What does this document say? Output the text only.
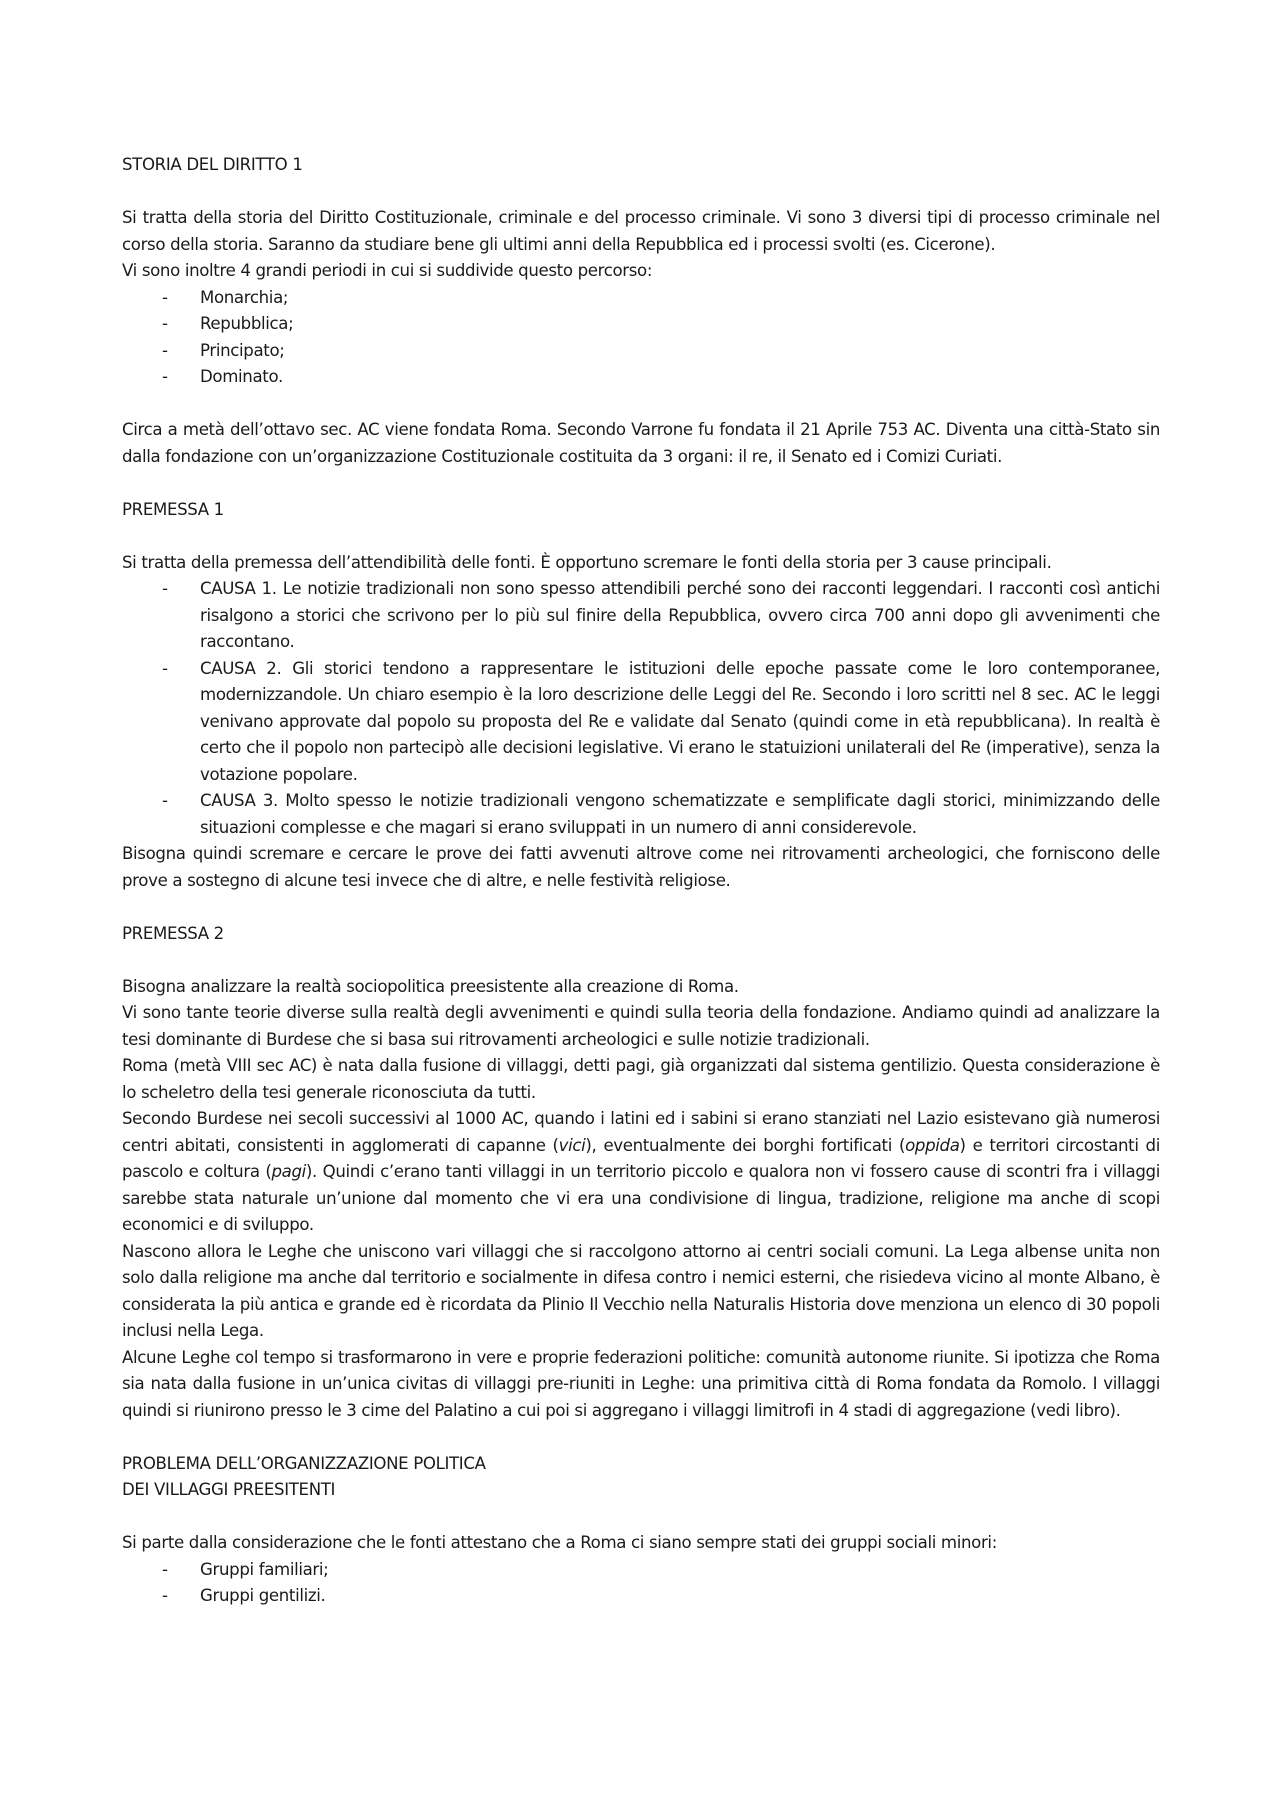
STORIA DEL DIRITTO 1

Si tratta della storia del Diritto Costituzionale, criminale e del processo criminale. Vi sono 3 diversi tipi di processo criminale nel corso della storia. Saranno da studiare bene gli ultimi anni della Repubblica ed i processi svolti (es. Cicerone).

Vi sono inoltre 4 grandi periodi in cui si suddivide questo percorso:

- Monarchia;
- Repubblica;
- Principato;
- Dominato.

Circa a metà dell’ottavo sec. AC viene fondata Roma. Secondo Varrone fu fondata il 21 Aprile 753 AC. Diventa una città-Stato sin dalla fondazione con un’organizzazione Costituzionale costituita da 3 organi: il re, il Senato ed i Comizi Curiati.

PREMESSA 1

Si tratta della premessa dell’attendibilità delle fonti. È opportuno scremare le fonti della storia per 3 cause principali.

- CAUSA 1. Le notizie tradizionali non sono spesso attendibili perché sono dei racconti leggendari. I racconti così antichi risalgono a storici che scrivono per lo più sul finire della Repubblica, ovvero circa 700 anni dopo gli avvenimenti che raccontano.
- CAUSA 2. Gli storici tendono a rappresentare le istituzioni delle epoche passate come le loro contemporanee, modernizzandole. Un chiaro esempio è la loro descrizione delle Leggi del Re. Secondo i loro scritti nel 8 sec. AC le leggi venivano approvate dal popolo su proposta del Re e validate dal Senato (quindi come in età repubblicana). In realtà è certo che il popolo non partecipò alle decisioni legislative. Vi erano le statuizioni unilaterali del Re (imperative), senza la votazione popolare.
- CAUSA 3. Molto spesso le notizie tradizionali vengono schematizzate e semplificate dagli storici, minimizzando delle situazioni complesse e che magari si erano sviluppati in un numero di anni considerevole.

Bisogna quindi scremare e cercare le prove dei fatti avvenuti altrove come nei ritrovamenti archeologici, che forniscono delle prove a sostegno di alcune tesi invece che di altre, e nelle festività religiose.

PREMESSA 2

Bisogna analizzare la realtà sociopolitica preesistente alla creazione di Roma.

Vi sono tante teorie diverse sulla realtà degli avvenimenti e quindi sulla teoria della fondazione. Andiamo quindi ad analizzare la tesi dominante di Burdese che si basa sui ritrovamenti archeologici e sulle notizie tradizionali.

Roma (metà VIII sec AC) è nata dalla fusione di villaggi, detti pagi, già organizzati dal sistema gentilizio. Questa considerazione è lo scheletro della tesi generale riconosciuta da tutti.

Secondo Burdese nei secoli successivi al 1000 AC, quando i latini ed i sabini si erano stanziati nel Lazio esistevano già numerosi centri abitati, consistenti in agglomerati di capanne (vici), eventualmente dei borghi fortificati (oppida) e territori circostanti di pascolo e coltura (pagi). Quindi c’erano tanti villaggi in un territorio piccolo e qualora non vi fossero cause di scontri fra i villaggi sarebbe stata naturale un’unione dal momento che vi era una condivisione di lingua, tradizione, religione ma anche di scopi economici e di sviluppo.

Nascono allora le Leghe che uniscono vari villaggi che si raccolgono attorno ai centri sociali comuni. La Lega albense unita non solo dalla religione ma anche dal territorio e socialmente in difesa contro i nemici esterni, che risiedeva vicino al monte Albano, è considerata la più antica e grande ed è ricordata da Plinio Il Vecchio nella Naturalis Historia dove menziona un elenco di 30 popoli inclusi nella Lega.

Alcune Leghe col tempo si trasformarono in vere e proprie federazioni politiche: comunità autonome riunite. Si ipotizza che Roma sia nata dalla fusione in un’unica civitas di villaggi pre-riuniti in Leghe: una primitiva città di Roma fondata da Romolo. I villaggi quindi si riunirono presso le 3 cime del Palatino a cui poi si aggregano i villaggi limitrofi in 4 stadi di aggregazione (vedi libro).

PROBLEMA DELL’ORGANIZZAZIONE POLITICA

DEI VILLAGGI PREESITENTI

Si parte dalla considerazione che le fonti attestano che a Roma ci siano sempre stati dei gruppi sociali minori:

- Gruppi familiari;
- Gruppi gentilizi.
